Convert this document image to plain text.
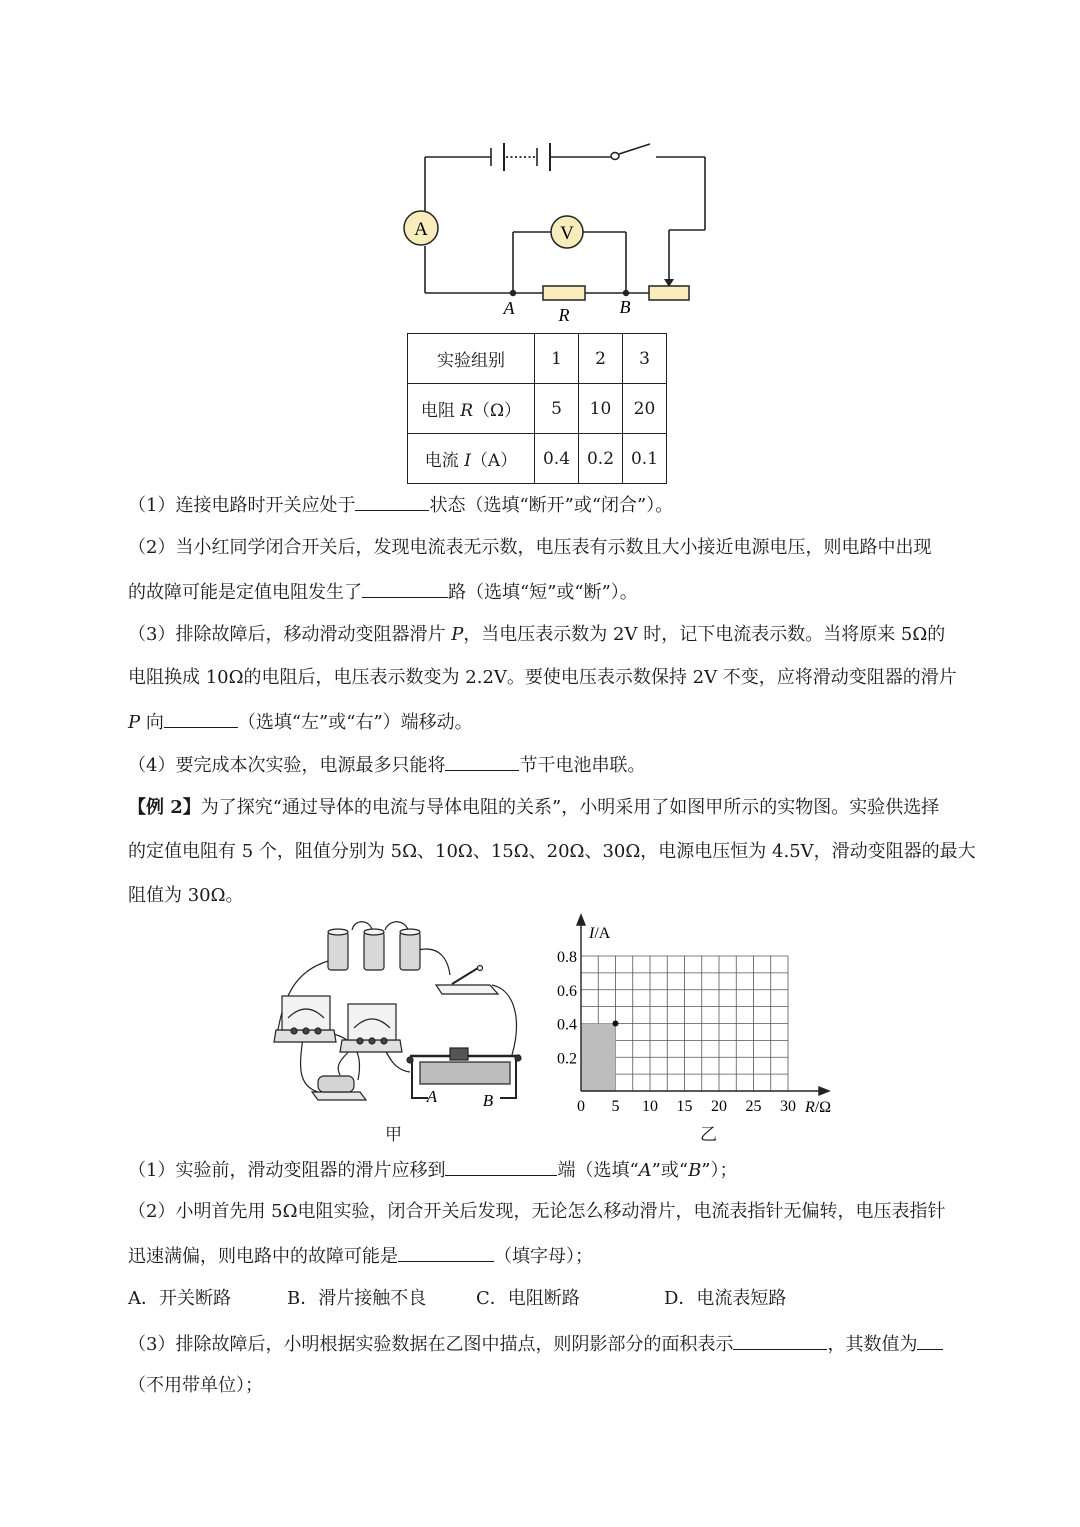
A	V
A	B
R
实验组别	1	2	3
电阻 R（Ω）	5	10	20
电流 I（A）	0.4	0.2	0.1
（1）连接电路时开关应处于	状态（选填“断开”或“闭合”）。
（2）当小红同学闭合开关后，发现电流表无示数，电压表有示数且大小接近电源电压，则电路中出现
的故障可能是定值电阻发生了	路（选填“短”或“断”）。
（3）排除故障后，移动滑动变阻器滑片 P，当电压表示数为 2V 时，记下电流表示数。当将原来 5Ω的
电阻换成 10Ω的电阻后，电压表示数变为 2.2V。要使电压表示数保持 2V 不变，应将滑动变阻器的滑片
P 向	（选填“左”或“右”）端移动。
（4）要完成本次实验，电源最多只能将	节干电池串联。
【例 2】为了探究“通过导体的电流与导体电阻的关系”，小明采用了如图甲所示的实物图。实验供选择
的定值电阻有 5 个，阻值分别为 5Ω、10Ω、15Ω、20Ω、30Ω，电源电压恒为 4.5V，滑动变阻器的最大
阻值为 30Ω。
A	B
甲
0 5 10 15 20 25 30
0.2
0.4
0.6
0.8
R/Ω
I/A
乙
（1）实验前，滑动变阻器的滑片应移到	端（选填“A”或“B”）；
（2）小明首先用 5Ω电阻实验，闭合开关后发现，无论怎么移动滑片，电流表指针无偏转，电压表指针
迅速满偏，则电路中的故障可能是	（填字母）；
A．开关断路	B．滑片接触不良	C．电阻断路	D．电流表短路
（3）排除故障后，小明根据实验数据在乙图中描点，则阴影部分的面积表示	，其数值为
（不用带单位）；
